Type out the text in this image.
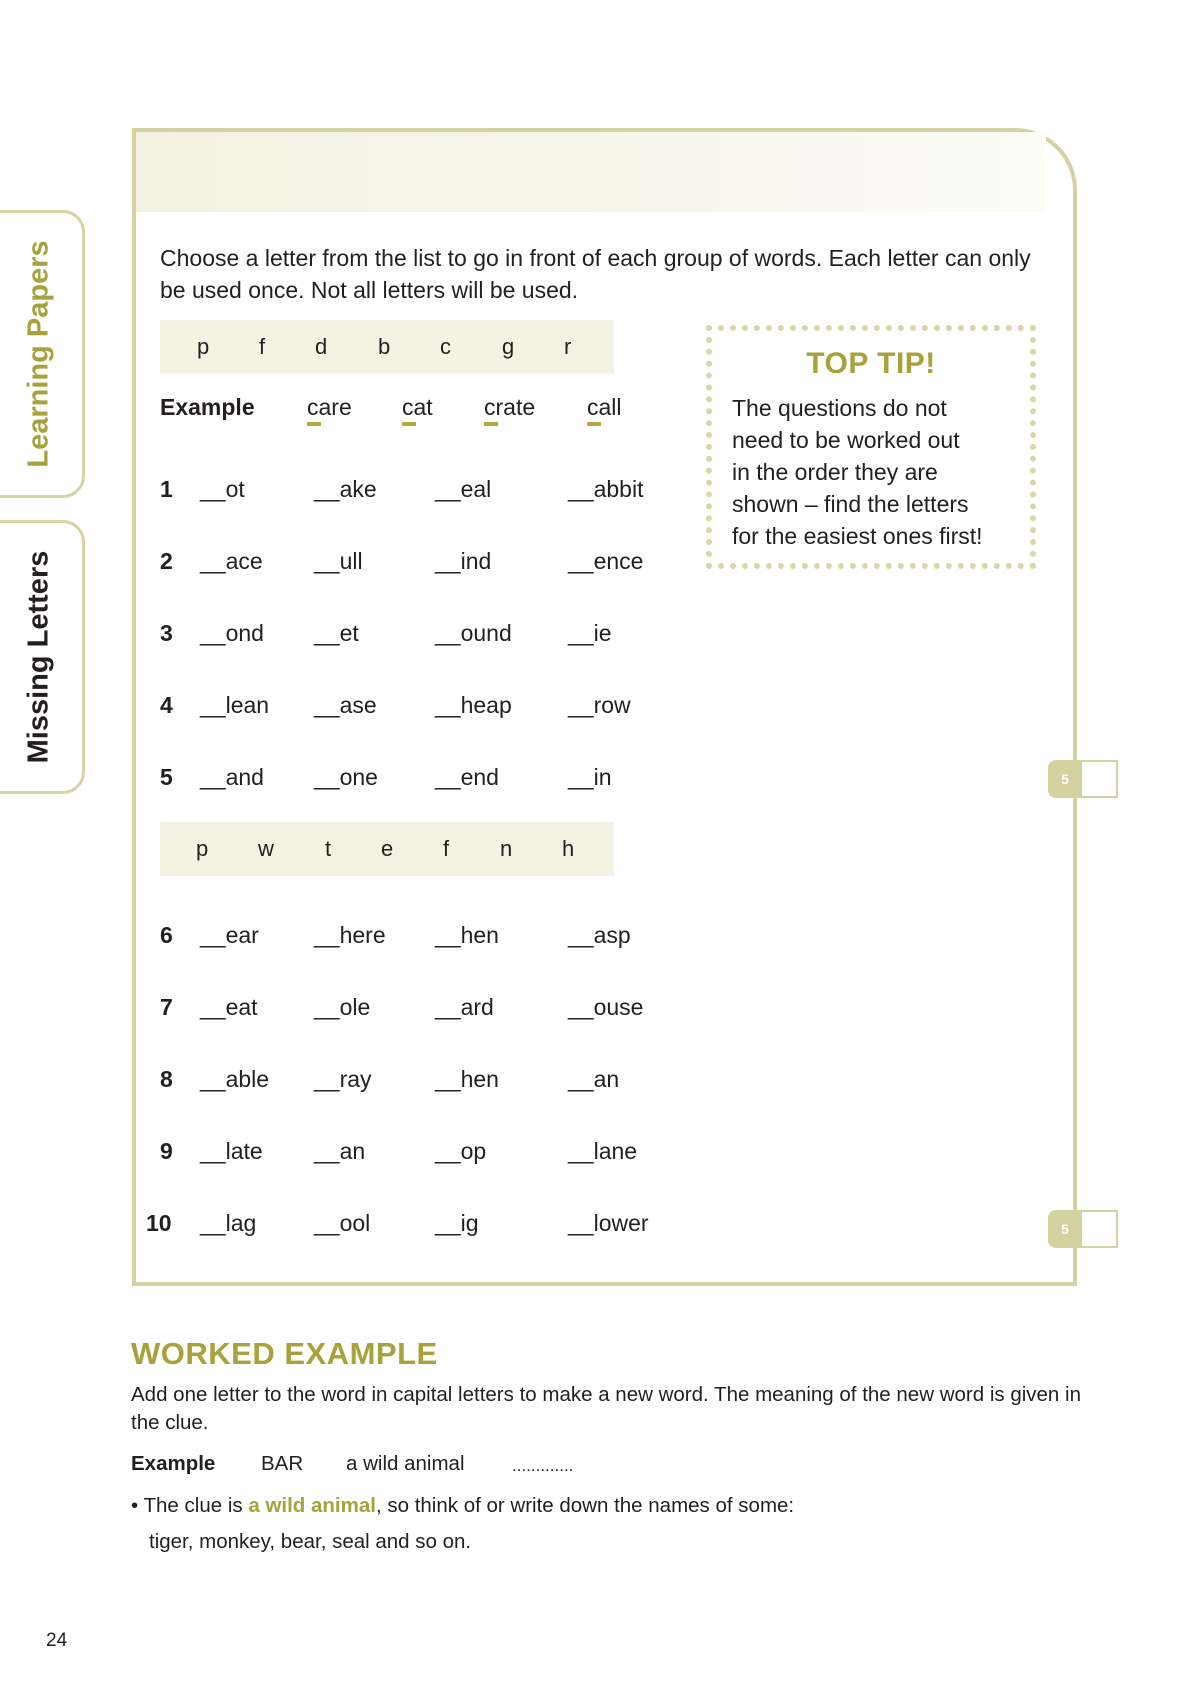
Learning Papers
Missing Letters
Choose a letter from the list to go in front of each group of words. Each letter can only be used once. Not all letters will be used.
p f d b c g r
Example care cat crate call
1 __ot	__ake	__eal	__abbit
2 __ace __ull	__ind	__ence
3 __ond __et	__ound __ie
4 __lean __ase	__heap __row
5 __and __one __end	__in
p w t e f n h
6 __ear __here __hen	__asp
7 __eat __ole	__ard	__ouse
8 __able __ray	__hen	__an
9 __late __an	__op	__lane
10 __lag	__ool	__ig	__lower
TOP TIP!
The questions do not
need to be worked out
in the order they are
shown – find the letters
for the easiest ones first!
5
5
WORKED EXAMPLE
Add one letter to the word in capital letters to make a new word. The meaning of the new word is given in the clue.
Example BAR a wild animal	.............
• The clue is a wild animal, so think of or write down the names of some:
tiger, monkey, bear, seal and so on.
24
